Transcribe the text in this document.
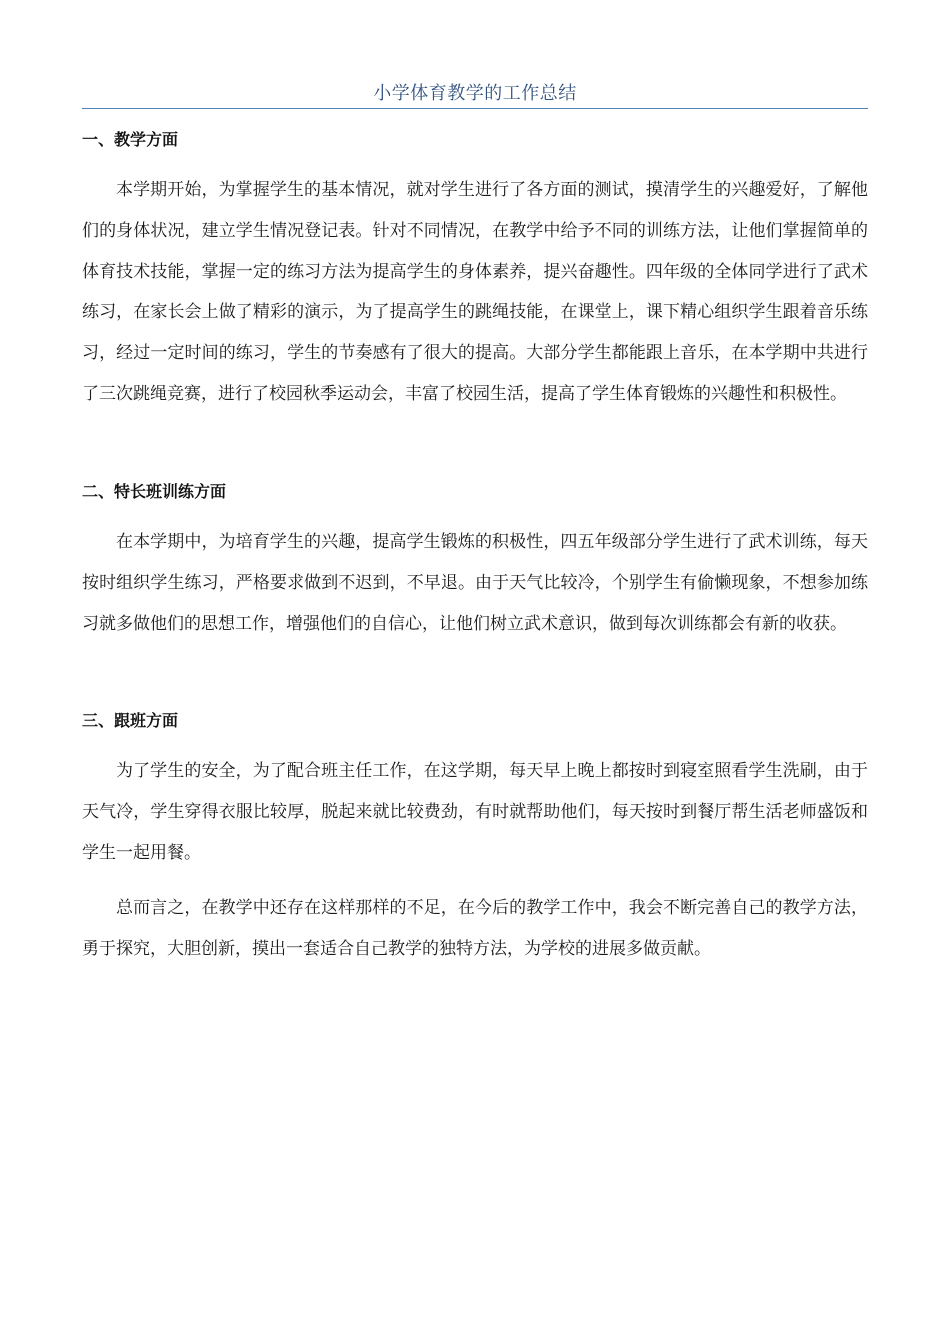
小学体育教学的工作总结
一、教学方面

本学期开始，为掌握学生的基本情况，就对学生进行了各方面的测试，摸清学生的兴趣爱好，了解他们的身体状况，建立学生情况登记表。针对不同情况，在教学中给予不同的训练方法，让他们掌握简单的体育技术技能，掌握一定的练习方法为提高学生的身体素养，提兴奋趣性。四年级的全体同学进行了武术练习，在家长会上做了精彩的演示，为了提高学生的跳绳技能，在课堂上，课下精心组织学生跟着音乐练习，经过一定时间的练习，学生的节奏感有了很大的提高。大部分学生都能跟上音乐，在本学期中共进行了三次跳绳竞赛，进行了校园秋季运动会，丰富了校园生活，提高了学生体育锻炼的兴趣性和积极性。

二、特长班训练方面

在本学期中，为培育学生的兴趣，提高学生锻炼的积极性，四五年级部分学生进行了武术训练，每天按时组织学生练习，严格要求做到不迟到，不早退。由于天气比较冷，个别学生有偷懒现象，不想参加练习就多做他们的思想工作，增强他们的自信心，让他们树立武术意识，做到每次训练都会有新的收获。

三、跟班方面

为了学生的安全，为了配合班主任工作，在这学期，每天早上晚上都按时到寝室照看学生洗刷，由于天气冷，学生穿得衣服比较厚，脱起来就比较费劲，有时就帮助他们，每天按时到餐厅帮生活老师盛饭和学生一起用餐。

总而言之，在教学中还存在这样那样的不足，在今后的教学工作中，我会不断完善自己的教学方法，勇于探究，大胆创新，摸出一套适合自己教学的独特方法，为学校的进展多做贡献。
